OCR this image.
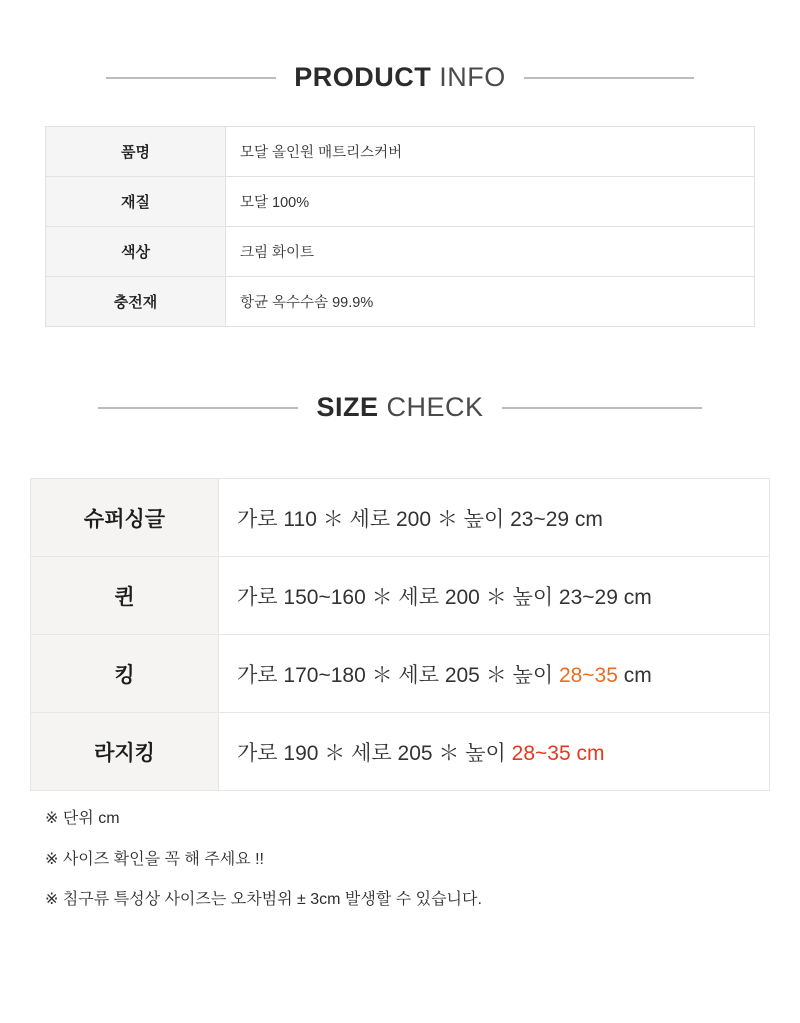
PRODUCT INFO
품명	모달 올인원 매트리스커버
재질	모달 100%
색상	크림 화이트
충전재	항균 옥수수솜 99.9%
SIZE CHECK
슈퍼싱글	가로 110 ＊ 세로 200 ＊ 높이 23~29 cm
퀸	가로 150~160 ＊ 세로 200 ＊ 높이 23~29 cm
킹	가로 170~180 ＊ 세로 205 ＊ 높이 28~35 cm
라지킹	가로 190 ＊ 세로 205 ＊ 높이 28~35 cm
※ 단위 cm
※ 사이즈 확인을 꼭 해 주세요 !!
※ 침구류 특성상 사이즈는 오차범위 ± 3cm 발생할 수 있습니다.
